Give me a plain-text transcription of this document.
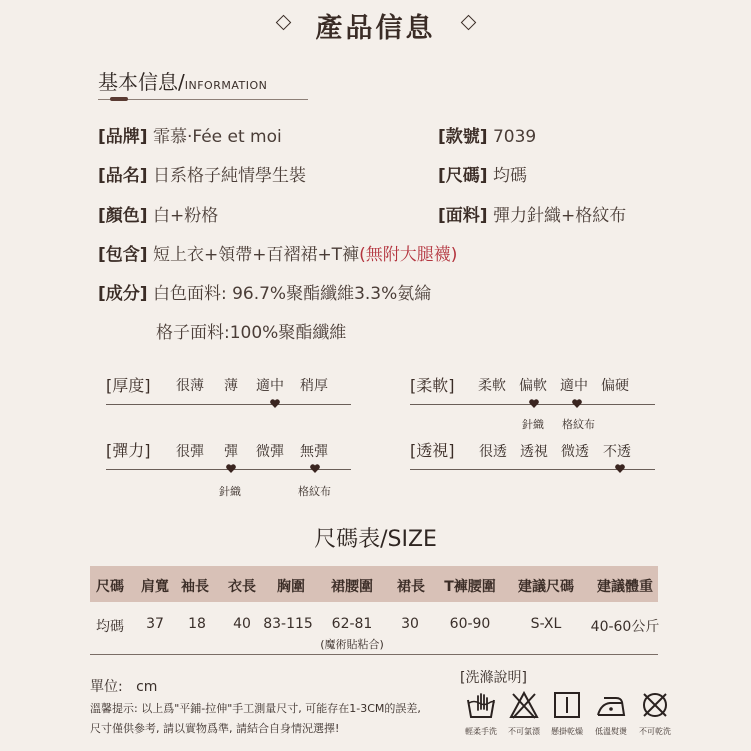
產品信息
基本信息/INFORMATION
[品牌] 霏慕·Fée et moi	[款號] 7039
[品名] 日系格子純情學生裝	[尺碼] 均碼
[顏色] 白+粉格	[面料] 彈力針織+格紋布
[包含] 短上衣+領帶+百褶裙+T褲(無附大腿襪)
[成分] 白色面料: 96.7%聚酯纖維3.3%氨綸
格子面料:100%聚酯纖維
[厚度] 很薄 薄 適中 稍厚	[柔軟] 柔軟 偏軟 適中 偏硬
針織 格紋布
[彈力] 很彈 彈 微彈 無彈
針織	格紋布
[透視] 很透 透視 微透 不透
尺碼表/SIZE
尺碼 肩寬 袖長 衣長 胸圍 裙腰圍 裙長 T褲腰圍 建議尺碼 建議體重
均碼 37 18 40 83-115 62-81 30 60-90	S-XL 40-60公斤
(魔術貼粘合)
單位: cm
溫馨提示: 以上爲"平鋪-拉伸"手工測量尺寸, 可能存在1-3CM的誤差,
尺寸僅供參考, 請以實物爲準, 請結合自身情況選擇!
[洗滌說明]
輕柔手洗 不可氯漂 懸掛乾燥 低溫熨燙 不可乾洗
